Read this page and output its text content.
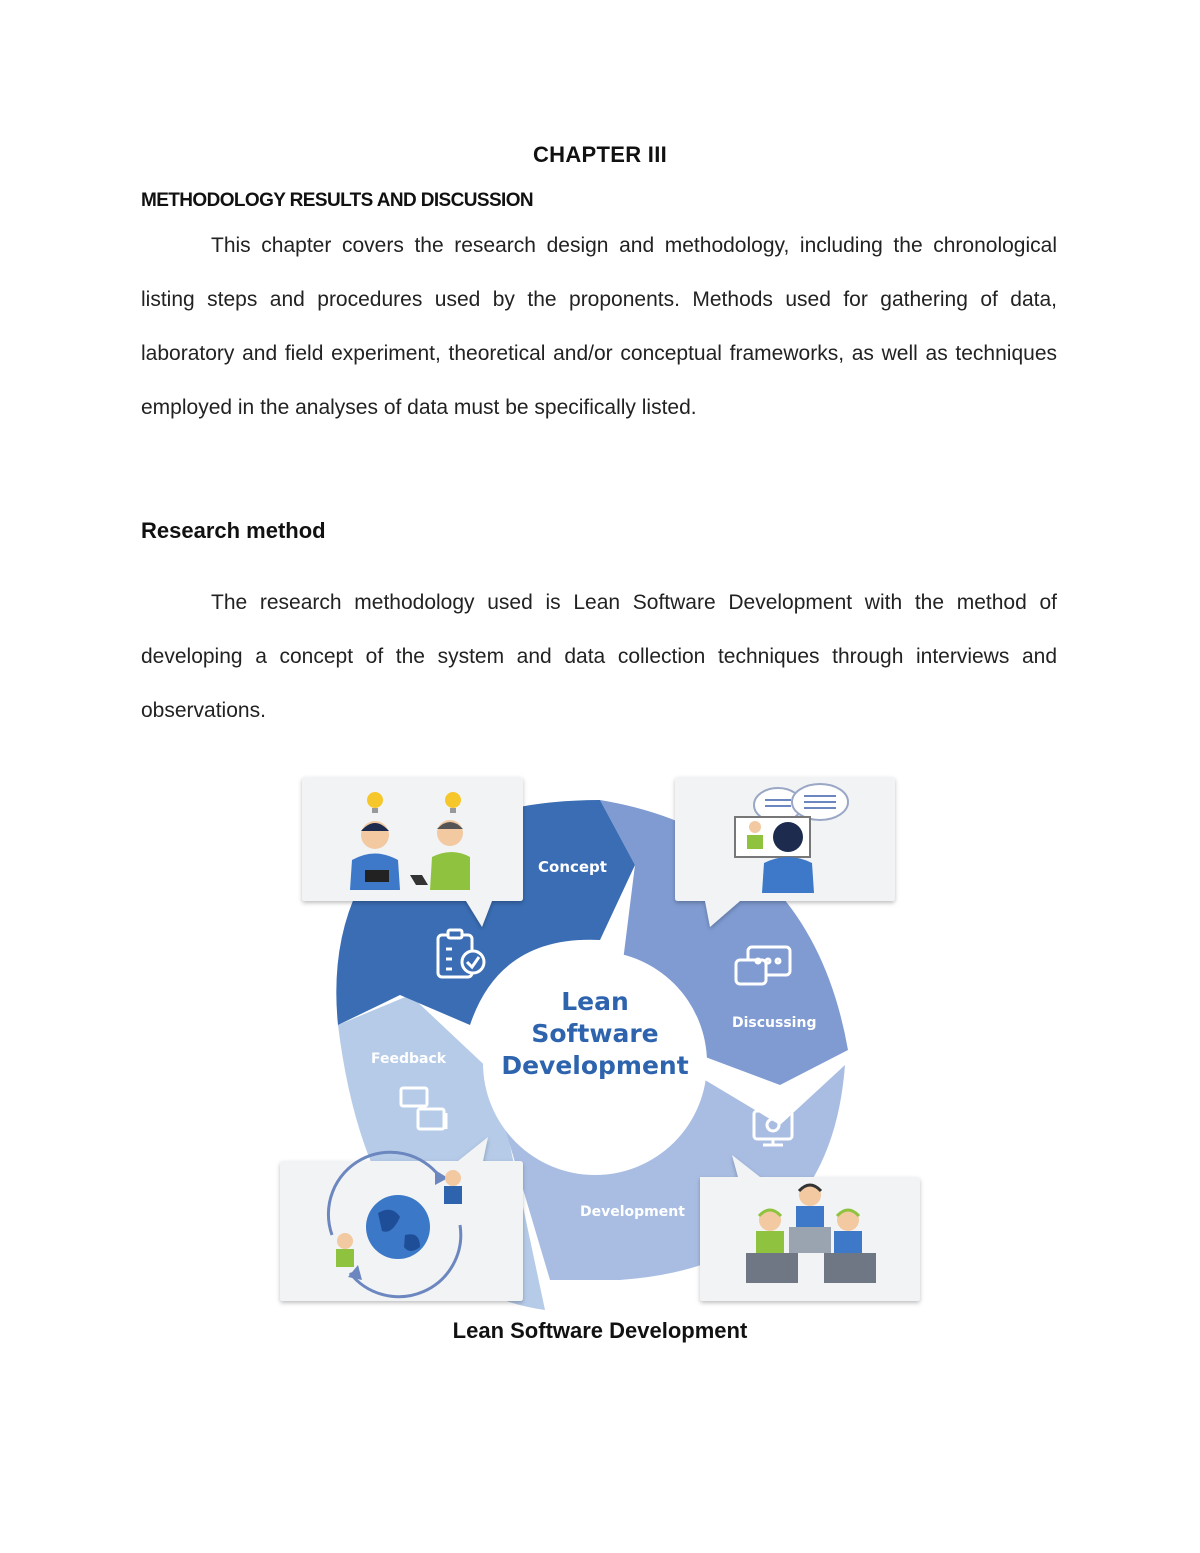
CHAPTER III
METHODOLOGY RESULTS AND DISCUSSION

This chapter covers the research design and methodology, including the chronological listing steps and procedures used by the proponents. Methods used for gathering of data, laboratory and field experiment, theoretical and/or conceptual frameworks, as well as techniques employed in the analyses of data must be specifically listed.

Research method

The research methodology used is Lean Software Development with the method of developing a concept of the system and data collection techniques through interviews and observations.

Lean
Software
Development
Concept
Discussing
Development
Feedback
Lean Software Development
